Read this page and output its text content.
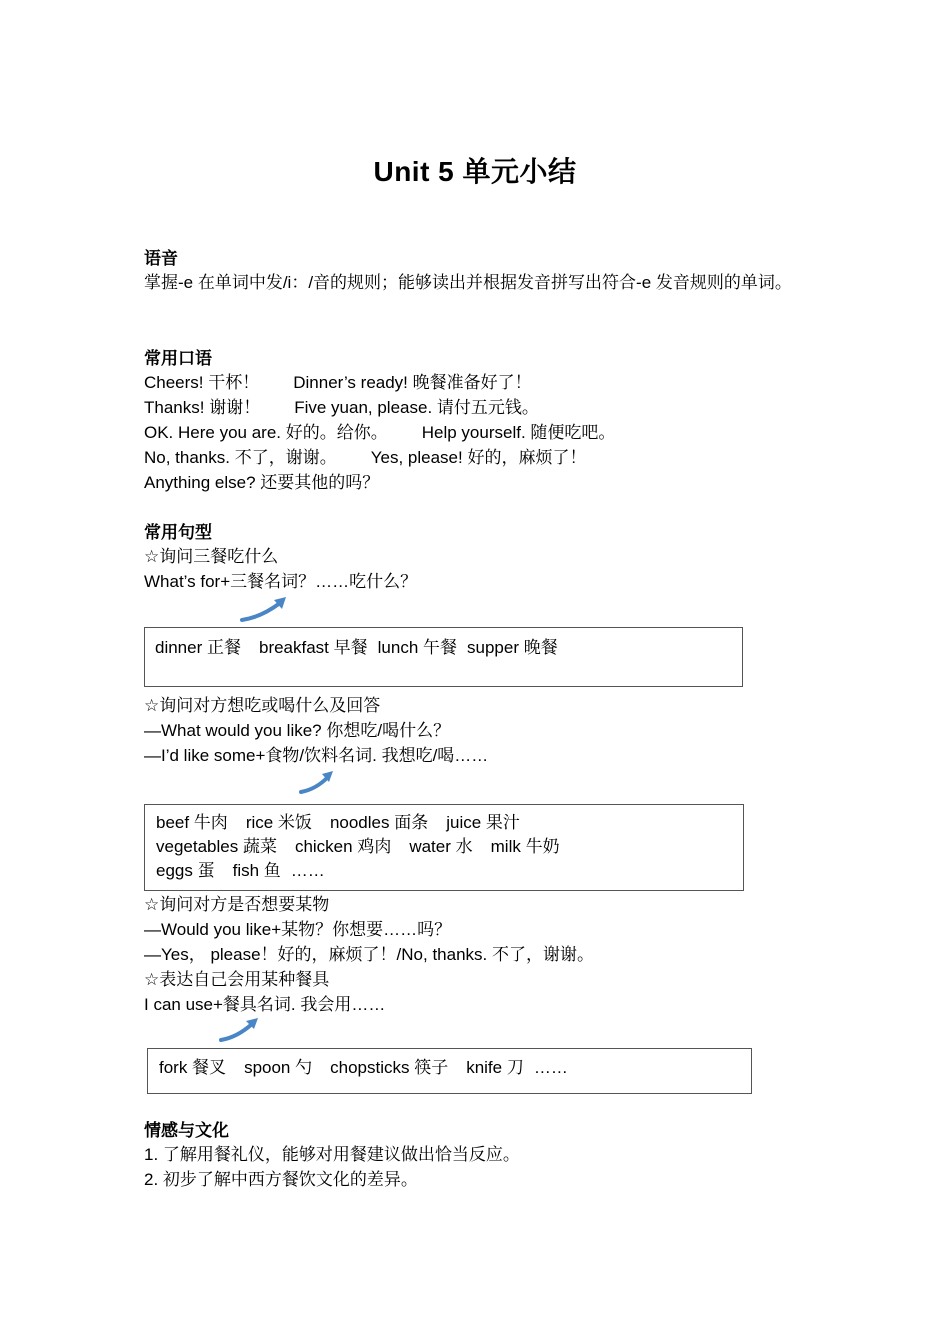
Unit 5 单元小结
语音
掌握-e 在单词中发/i：/音的规则；能够读出并根据发音拼写出符合-e 发音规则的单词。
常用口语
Cheers! 干杯！ Dinner’s ready! 晚餐准备好了！
Thanks! 谢谢！ Five yuan, please. 请付五元钱。
OK. Here you are. 好的。给你。 Help yourself. 随便吃吧。
No, thanks. 不了，谢谢。 Yes, please! 好的，麻烦了！
Anything else? 还要其他的吗？
常用句型
☆询问三餐吃什么
What’s for+三餐名词？……吃什么？
dinner 正餐 breakfast 早餐 lunch 午餐 supper 晚餐
☆询问对方想吃或喝什么及回答
—What would you like? 你想吃/喝什么？
—I’d like some+食物/饮料名词. 我想吃/喝……
beef 牛肉 rice 米饭 noodles 面条 juice 果汁
vegetables 蔬菜 chicken 鸡肉 water 水 milk 牛奶
eggs 蛋 fish 鱼 ……
☆询问对方是否想要某物
—Would you like+某物？你想要……吗？
—Yes， please！好的，麻烦了！/No, thanks. 不了，谢谢。
☆表达自己会用某种餐具
I can use+餐具名词. 我会用……
fork 餐叉 spoon 勺 chopsticks 筷子 knife 刀 ……
情感与文化
1. 了解用餐礼仪，能够对用餐建议做出恰当反应。
2. 初步了解中西方餐饮文化的差异。
